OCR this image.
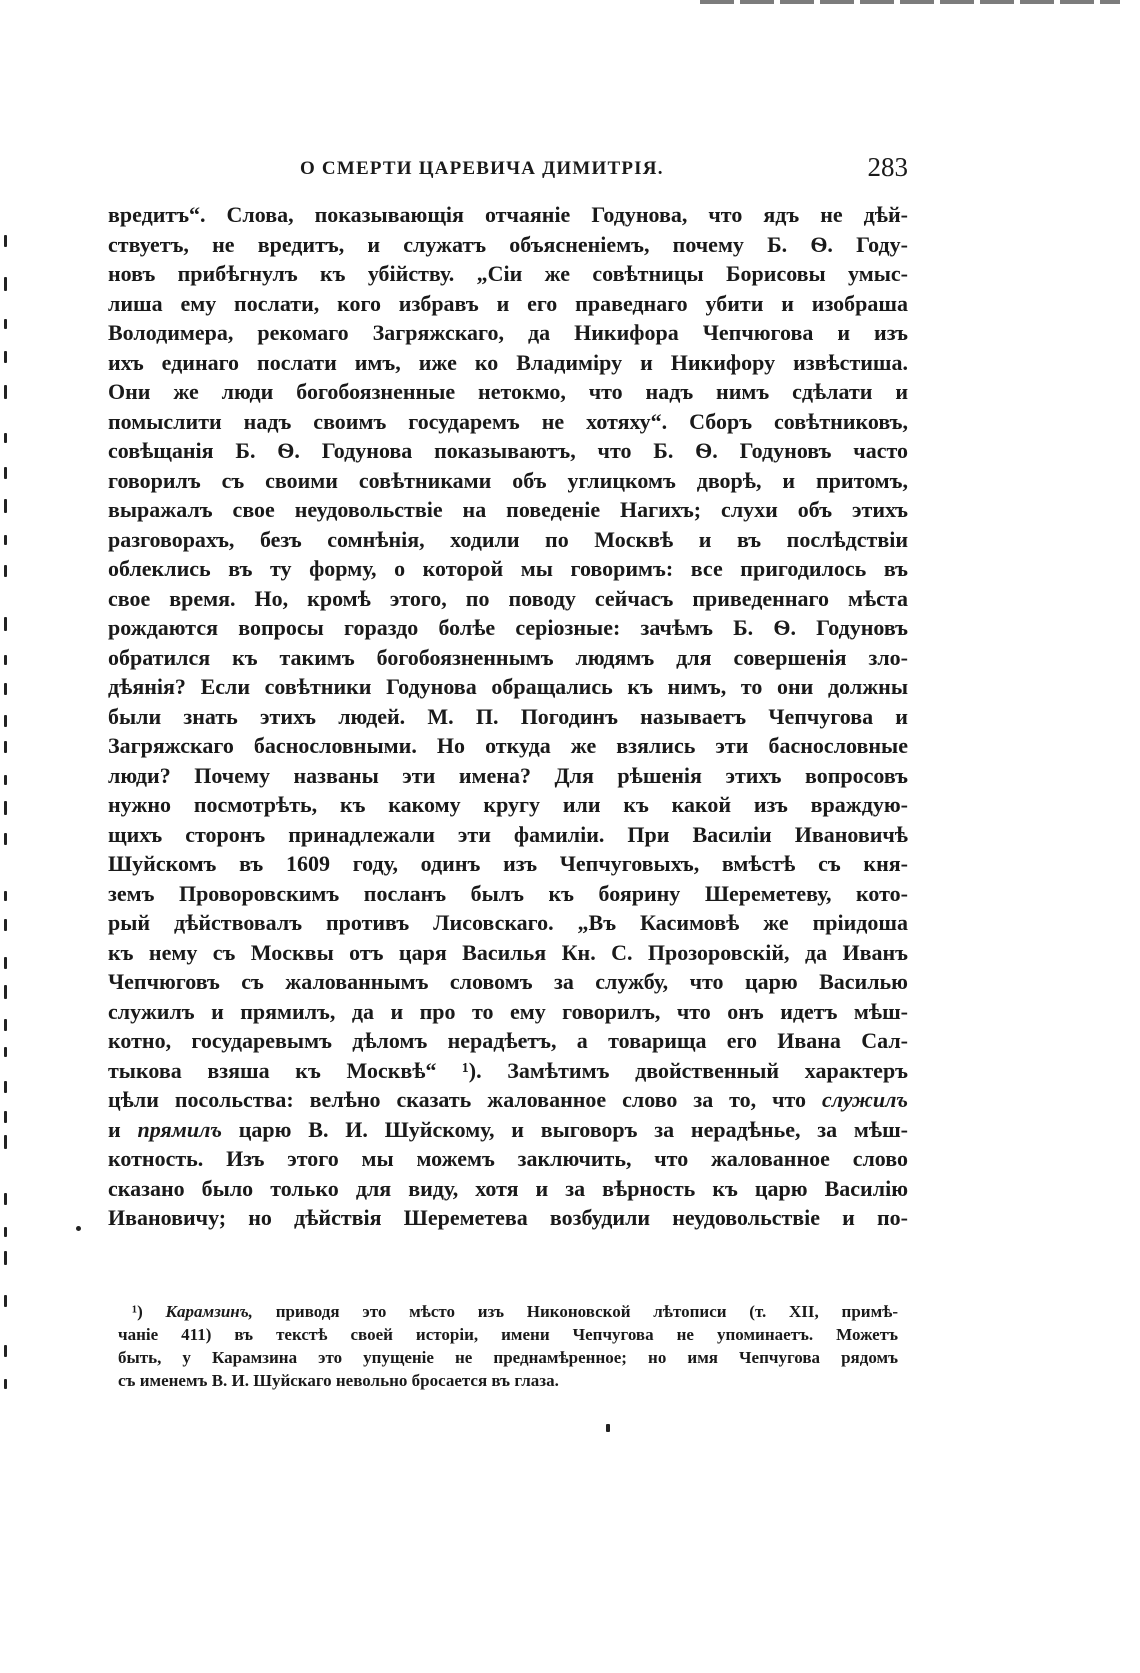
О СМЕРТИ ЦАРЕВИЧА ДИМИТРІЯ.	283
вредитъ“. Слова, показывающія отчаяніе Годунова, что ядъ не дѣй-
ствуетъ, не вредитъ, и служатъ объясненіемъ, почему Б. Ѳ. Году-
новъ прибѣгнулъ къ убійству. „Сіи же совѣтницы Борисовы умыс-
лиша ему послати, кого избравъ и его праведнаго убити и изобраша
Володимера, рекомаго Загряжскаго, да Никифора Чепчюгова и изъ
ихъ единаго послати имъ, иже ко Владиміру и Никифору извѣстиша.
Они же люди богобоязненные нетокмо, что надъ нимъ сдѣлати и
помыслити надъ своимъ государемъ не хотяху“. Сборъ совѣтниковъ,
совѣщанія Б. Ѳ. Годунова показываютъ, что Б. Ѳ. Годуновъ часто
говорилъ съ своими совѣтниками объ углицкомъ дворѣ, и притомъ,
выражалъ свое неудовольствіе на поведеніе Нагихъ; слухи объ этихъ
разговорахъ, безъ сомнѣнія, ходили по Москвѣ и въ послѣдствіи
облеклись въ ту форму, о которой мы говоримъ: все пригодилось въ
свое время. Но, кромѣ этого, по поводу сейчасъ приведеннаго мѣста
рождаются вопросы гораздо болѣе серіозные: зачѣмъ Б. Ѳ. Годуновъ
обратился къ такимъ богобоязненнымъ людямъ для совершенія зло-
дѣянія? Если совѣтники Годунова обращались къ нимъ, то они должны
были знать этихъ людей. М. П. Погодинъ называетъ Чепчугова и
Загряжскаго баснословными. Но откуда же взялись эти баснословные
люди? Почему названы эти имена? Для рѣшенія этихъ вопросовъ
нужно посмотрѣть, къ какому кругу или къ какой изъ враждую-
щихъ сторонъ принадлежали эти фамиліи. При Василіи Ивановичѣ
Шуйскомъ въ 1609 году, одинъ изъ Чепчуговыхъ, вмѣстѣ съ кня-
земъ Проворовскимъ посланъ былъ къ боярину Шереметеву, кото-
рый дѣйствовалъ противъ Лисовскаго. „Въ Касимовѣ же пріидоша
къ нему съ Москвы отъ царя Василья Кн. С. Прозоровскій, да Иванъ
Чепчюговъ съ жалованнымъ словомъ за службу, что царю Василью
служилъ и прямилъ, да и про то ему говорилъ, что онъ идетъ мѣш-
котно, государевымъ дѣломъ нерадѣетъ, а товарища его Ивана Сал-
тыкова взяша къ Москвѣ“ ¹). Замѣтимъ двойственный характеръ
цѣли посольства: велѣно сказать жалованное слово за то, что служилъ
и прямилъ царю В. И. Шуйскому, и выговоръ за нерадѣнье, за мѣш-
котность. Изъ этого мы можемъ заключить, что жалованное слово
сказано было только для виду, хотя и за вѣрность къ царю Василію
Ивановичу; но дѣйствія Шереметева возбудили неудовольствіе и по-
¹) Карамзинъ, приводя это мѣсто изъ Никоновской лѣтописи (т. XII, примѣ-
чаніе 411) въ текстѣ своей исторіи, имени Чепчугова не упоминаетъ. Можетъ
быть, у Карамзина это упущеніе не преднамѣренное; но имя Чепчугова рядомъ
съ именемъ В. И. Шуйскаго невольно бросается въ глаза.
